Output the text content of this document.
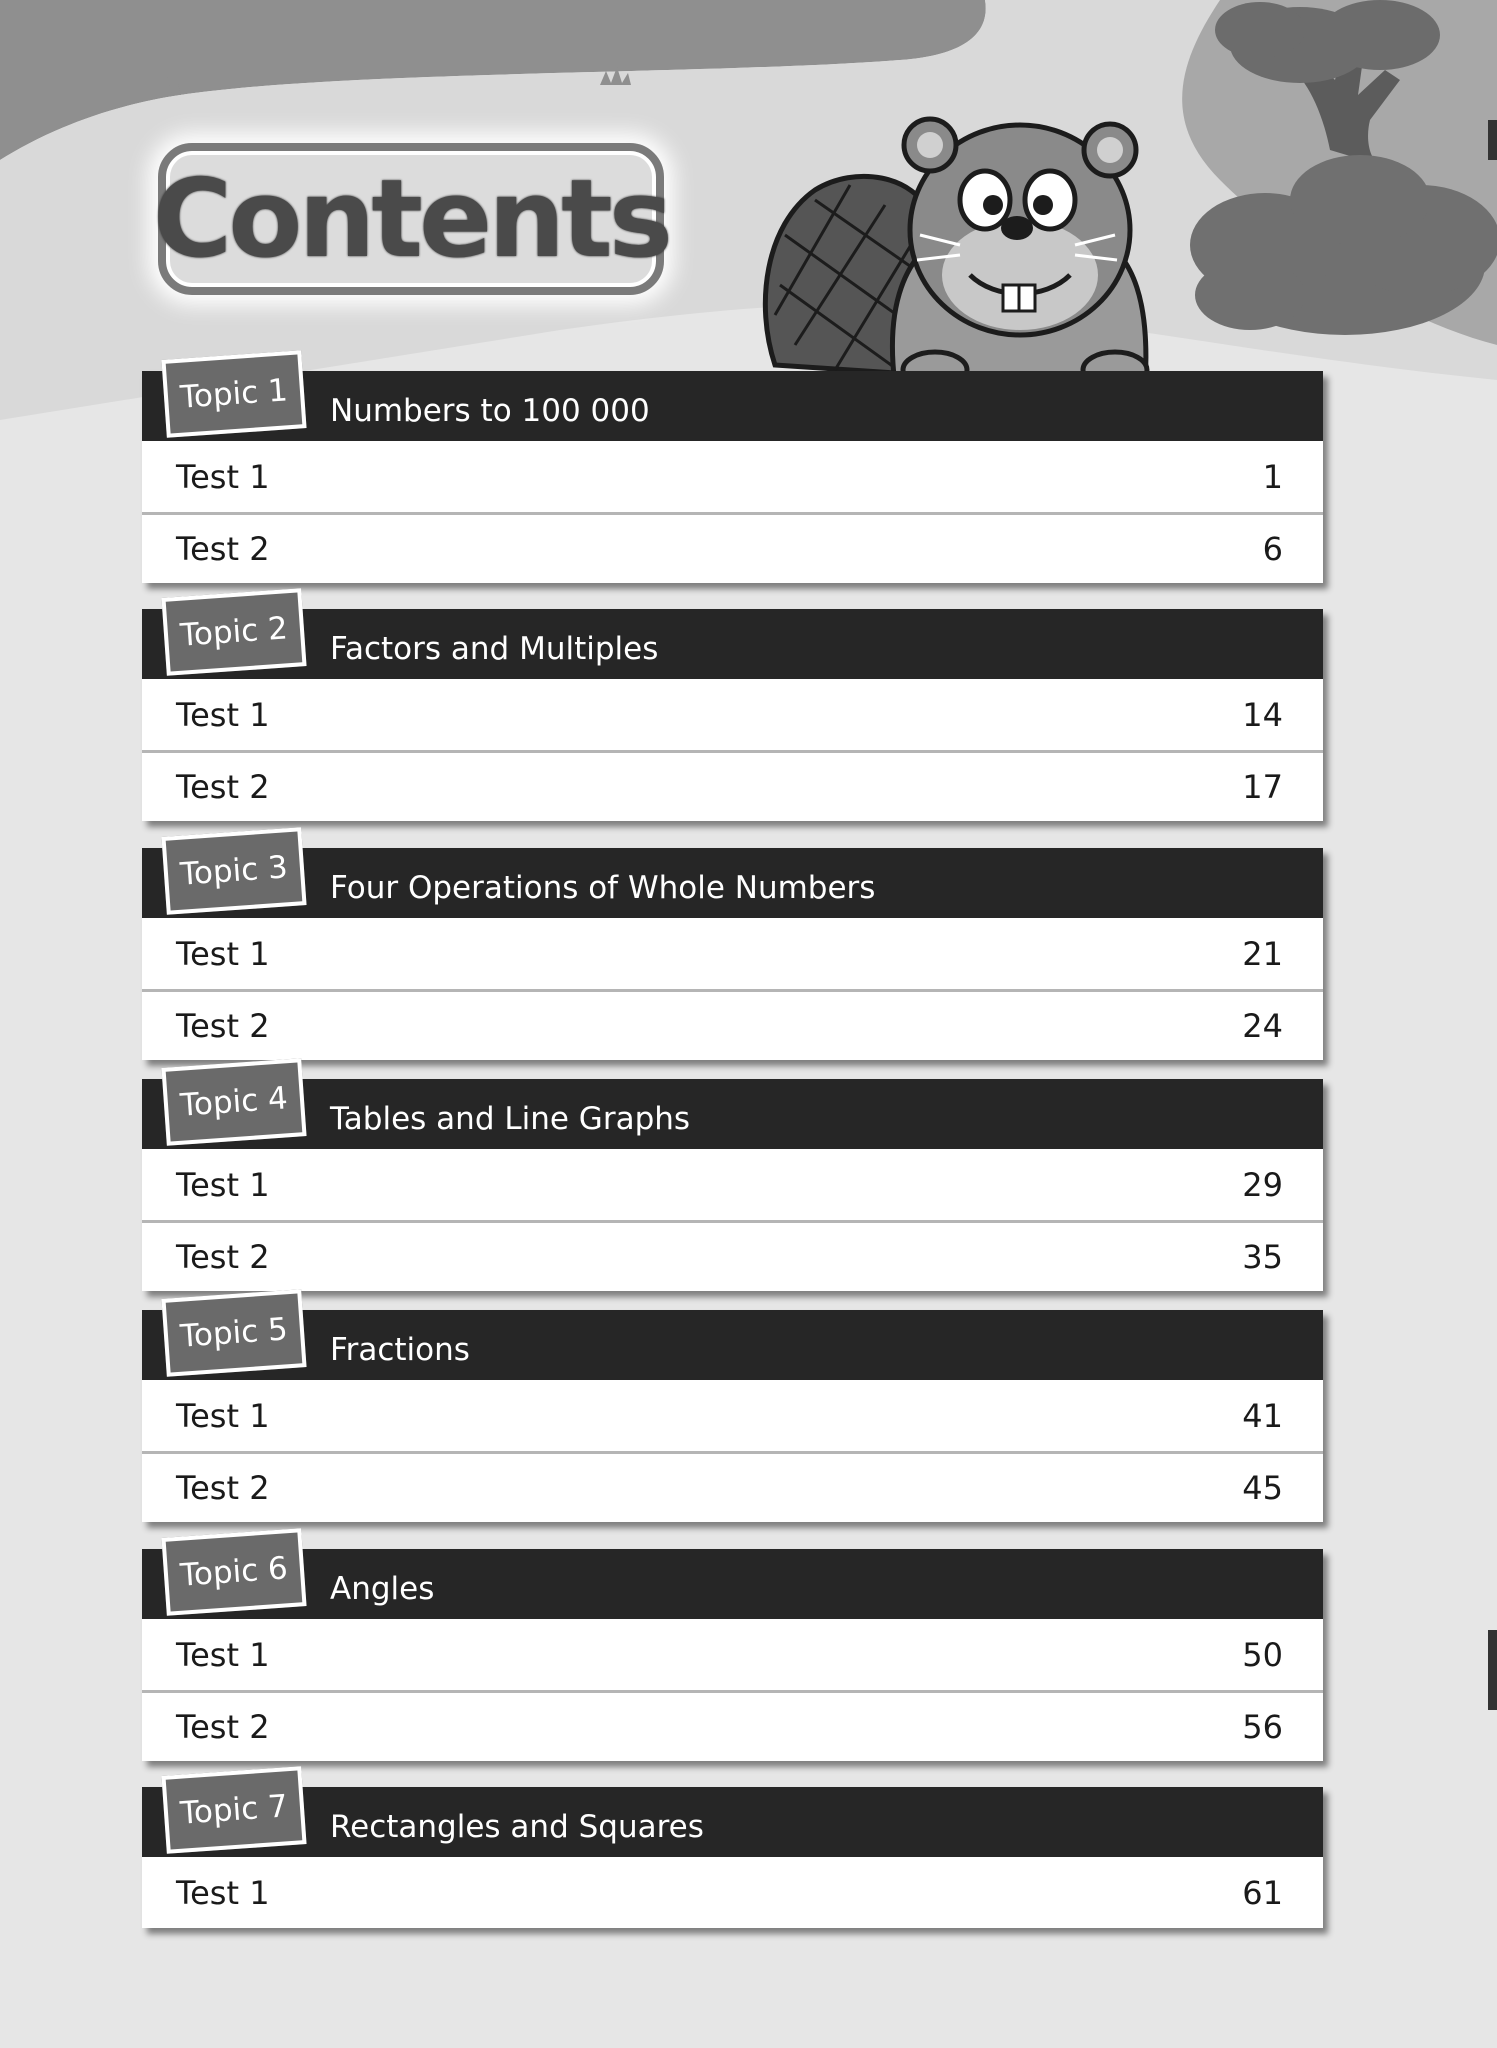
Contents
Topic 1 Numbers to 100 000
Test 1	1
Test 2	6
Topic 2 Factors and Multiples
Test 1	14
Test 2	17
Topic 3 Four Operations of Whole Numbers
Test 1	21
Test 2	24
Topic 4 Tables and Line Graphs
Test 1	29
Test 2	35
Topic 5 Fractions
Test 1	41
Test 2	45
Topic 6 Angles
Test 1	50
Test 2	56
Topic 7 Rectangles and Squares
Test 1	61
